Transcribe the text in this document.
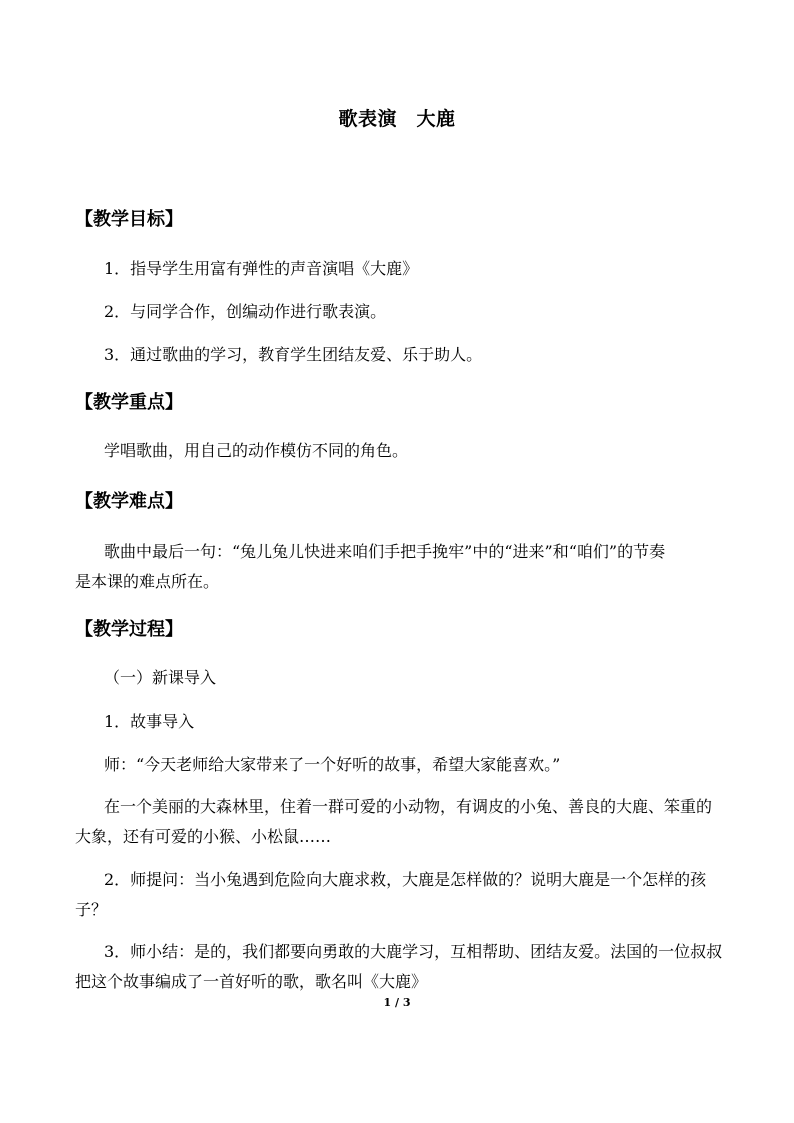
歌表演　大鹿
【教学目标】
1．指导学生用富有弹性的声音演唱《大鹿》
2．与同学合作，创编动作进行歌表演。
3．通过歌曲的学习，教育学生团结友爱、乐于助人。
【教学重点】
学唱歌曲，用自己的动作模仿不同的角色。
【教学难点】
歌曲中最后一句：“兔儿兔儿快进来咱们手把手挽牢”中的“进来”和“咱们”的节奏
是本课的难点所在。
【教学过程】
（一）新课导入
1．故事导入
师：“今天老师给大家带来了一个好听的故事，希望大家能喜欢。”
在一个美丽的大森林里，住着一群可爱的小动物，有调皮的小兔、善良的大鹿、笨重的
大象，还有可爱的小猴、小松鼠……
2．师提问：当小兔遇到危险向大鹿求救，大鹿是怎样做的？说明大鹿是一个怎样的孩
子？
3．师小结：是的，我们都要向勇敢的大鹿学习，互相帮助、团结友爱。法国的一位叔叔
把这个故事编成了一首好听的歌，歌名叫《大鹿》
1 / 3
